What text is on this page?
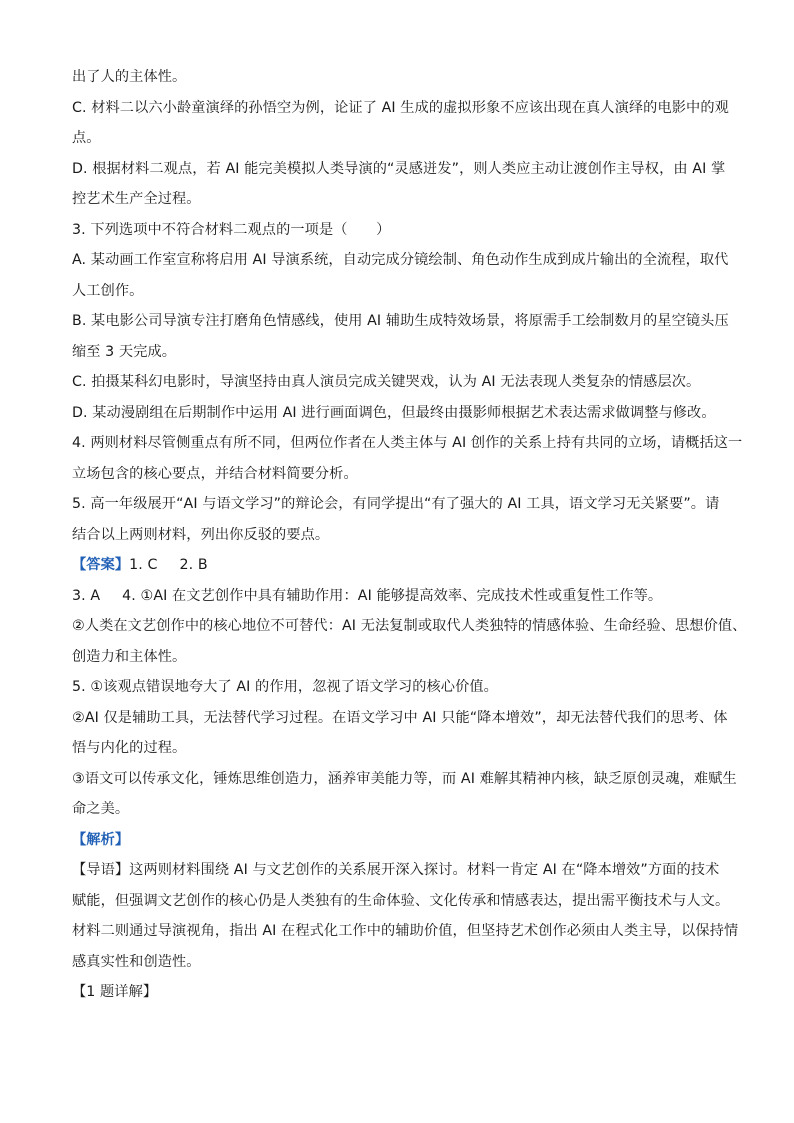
出了人的主体性。
C. 材料二以六小龄童演绎的孙悟空为例，论证了 AI 生成的虚拟形象不应该出现在真人演绎的电影中的观
点。
D. 根据材料二观点，若 AI 能完美模拟人类导演的“灵感迸发”，则人类应主动让渡创作主导权，由 AI 掌
控艺术生产全过程。
3. 下列选项中不符合材料二观点的一项是（　　）
A. 某动画工作室宣称将启用 AI 导演系统，自动完成分镜绘制、角色动作生成到成片输出的全流程，取代
人工创作。
B. 某电影公司导演专注打磨角色情感线，使用 AI 辅助生成特效场景，将原需手工绘制数月的星空镜头压
缩至 3 天完成。
C. 拍摄某科幻电影时，导演坚持由真人演员完成关键哭戏，认为 AI 无法表现人类复杂的情感层次。
D. 某动漫剧组在后期制作中运用 AI 进行画面调色，但最终由摄影师根据艺术表达需求做调整与修改。
4. 两则材料尽管侧重点有所不同，但两位作者在人类主体与 AI 创作的关系上持有共同的立场，请概括这一
立场包含的核心要点，并结合材料简要分析。
5. 高一年级展开“AI 与语文学习”的辩论会，有同学提出“有了强大的 AI 工具，语文学习无关紧要”。请
结合以上两则材料，列出你反驳的要点。
【答案】1. C 2. B
3. A 4. ①AI 在文艺创作中具有辅助作用：AI 能够提高效率、完成技术性或重复性工作等。
②人类在文艺创作中的核心地位不可替代：AI 无法复制或取代人类独特的情感体验、生命经验、思想价值、
创造力和主体性。
5. ①该观点错误地夸大了 AI 的作用，忽视了语文学习的核心价值。
②AI 仅是辅助工具，无法替代学习过程。在语文学习中 AI 只能“降本增效”，却无法替代我们的思考、体
悟与内化的过程。
③语文可以传承文化，锤炼思维创造力，涵养审美能力等，而 AI 难解其精神内核，缺乏原创灵魂，难赋生
命之美。
【解析】
【导语】这两则材料围绕 AI 与文艺创作的关系展开深入探讨。材料一肯定 AI 在“降本增效”方面的技术
赋能，但强调文艺创作的核心仍是人类独有的生命体验、文化传承和情感表达，提出需平衡技术与人文。
材料二则通过导演视角，指出 AI 在程式化工作中的辅助价值，但坚持艺术创作必须由人类主导，以保持情
感真实性和创造性。
【1 题详解】
